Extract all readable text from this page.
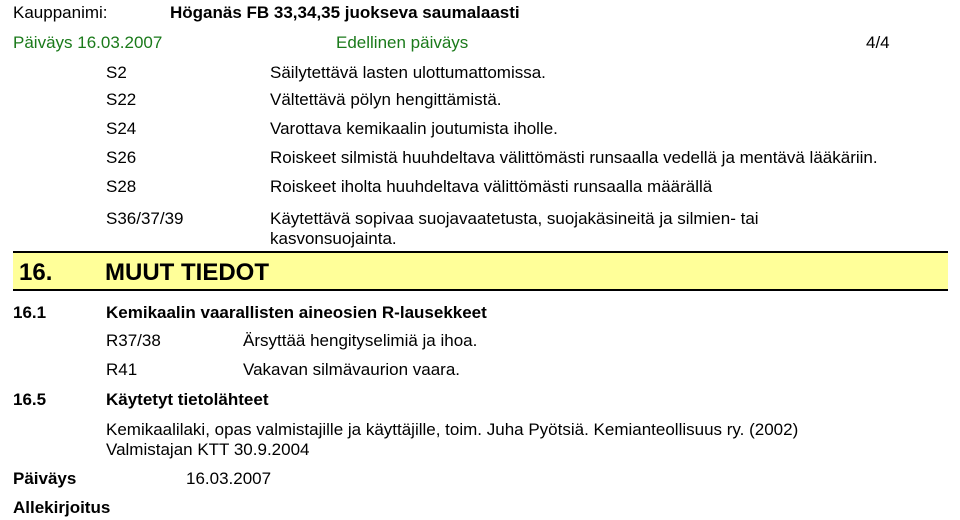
Kauppanimi:	Höganäs FB 33,34,35 juokseva saumalaasti
Päiväys 16.03.2007	Edellinen päiväys	4/4
S2	Säilytettävä lasten ulottumattomissa.
S22	Vältettävä pölyn hengittämistä.
S24	Varottava kemikaalin joutumista iholle.
S26	Roiskeet silmistä huuhdeltava välittömästi runsaalla vedellä ja mentävä lääkäriin.
S28	Roiskeet iholta huuhdeltava välittömästi runsaalla määrällä
S36/37/39	Käytettävä sopivaa suojavaatetusta, suojakäsineitä ja silmien- tai
kasvonsuojainta.
16. MUUT TIEDOT
16.1	Kemikaalin vaarallisten aineosien R-lausekkeet
R37/38	Ärsyttää hengityselimiä ja ihoa.
R41	Vakavan silmävaurion vaara.
16.5	Käytetyt tietolähteet
Kemikaalilaki, opas valmistajille ja käyttäjille, toim. Juha Pyötsiä. Kemianteollisuus ry. (2002)
Valmistajan KTT 30.9.2004
Päiväys	16.03.2007
Allekirjoitus
